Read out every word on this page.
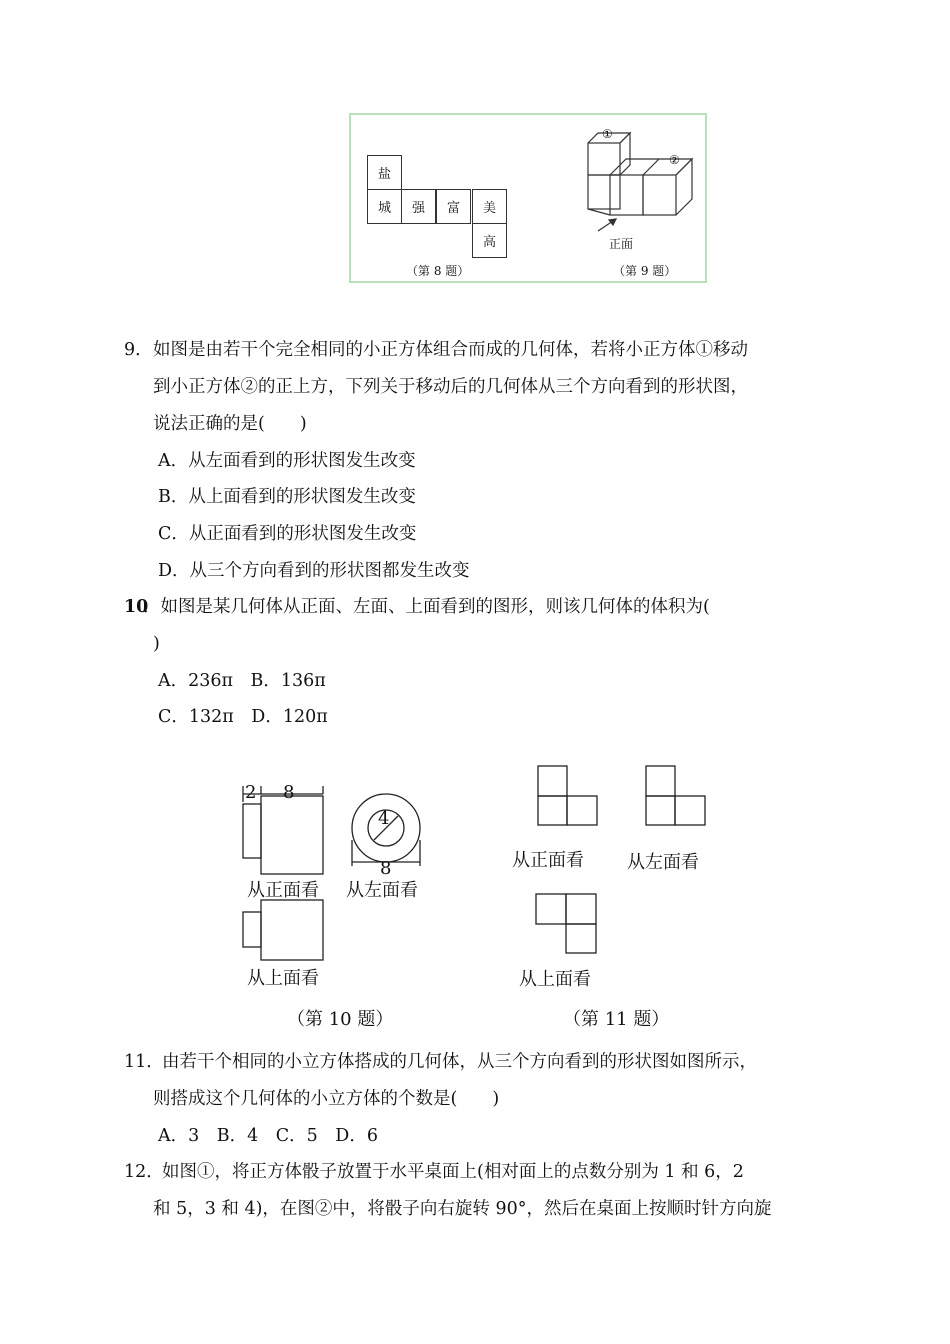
盐
城 强 富 美
高
（第 8 题）
①
②
正面
（第 9 题）
9． 如图是由若干个完全相同的小正方体组合而成的几何体，若将小正方体①移动
到小正方体②的正上方，下列关于移动后的几何体从三个方向看到的形状图，
说法正确的是(　　)
A．从左面看到的形状图发生改变
B．从上面看到的形状图发生改变
C．从正面看到的形状图发生改变
D．从三个方向看到的形状图都发生改变
10
．如图是某几何体从正面、左面、上面看到的图形，则该几何体的体积为(
)
A．236π　B．136π
C．132π　D．120π
2 8
4
8
从正面看 从左面看
从上面看
（第 10 题）
从正面看 从左面看
从上面看
（第 11 题）
11．
由若干个相同的小立方体搭成的几何体，从三个方向看到的形状图如图所示，
则搭成这个几何体的小立方体的个数是(　　)
A．3　B．4　C．5　D．6
12．
如图①，将正方体骰子放置于水平桌面上(相对面上的点数分别为 1 和 6，2
和 5，3 和 4)，在图②中，将骰子向右旋转 90°，然后在桌面上按顺时针方向旋
